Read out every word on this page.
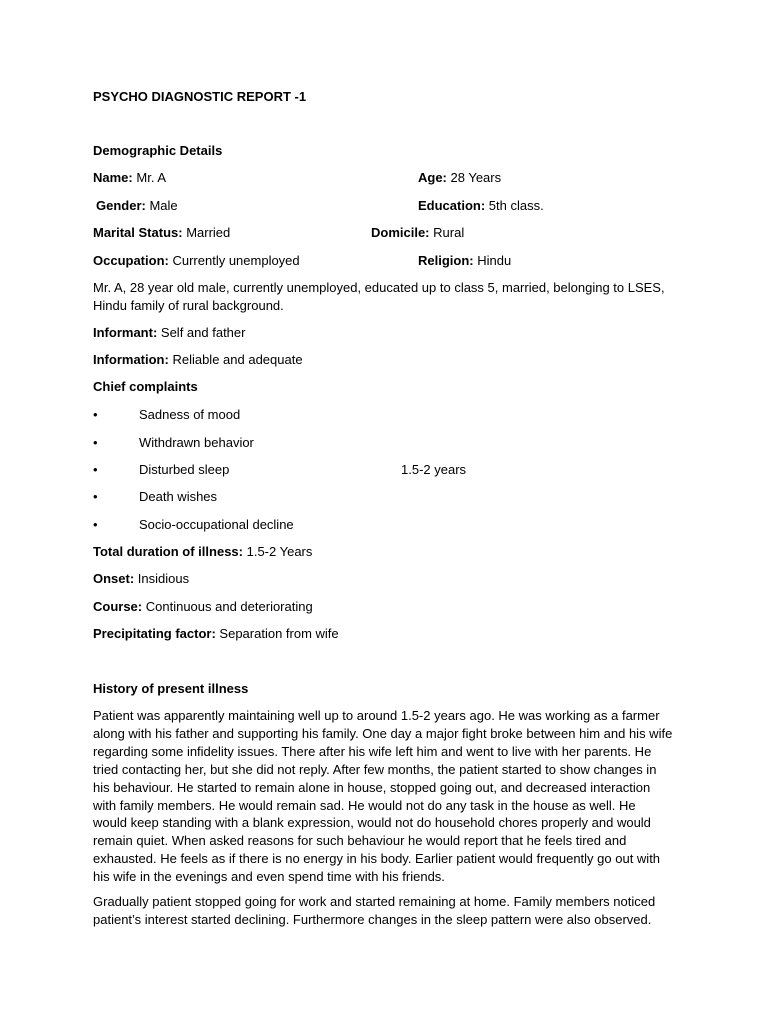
PSYCHO DIAGNOSTIC REPORT -1
Demographic Details
Name: Mr. A	Age: 28 Years
Gender: Male	Education: 5th class.
Marital Status: Married	Domicile: Rural
Occupation: Currently unemployed	Religion: Hindu
Mr. A, 28 year old male, currently unemployed, educated up to class 5, married, belonging to LSES, Hindu family of rural background.
Informant: Self and father
Information: Reliable and adequate
Chief complaints
•	Sadness of mood
•	Withdrawn behavior
•	Disturbed sleep	1.5-2 years
•	Death wishes
•	Socio-occupational decline
Total duration of illness: 1.5-2 Years
Onset: Insidious
Course: Continuous and deteriorating
Precipitating factor: Separation from wife
History of present illness
Patient was apparently maintaining well up to around 1.5-2 years ago. He was working as a farmer along with his father and supporting his family. One day a major fight broke between him and his wife regarding some infidelity issues. There after his wife left him and went to live with her parents. He tried contacting her, but she did not reply. After few months, the patient started to show changes in his behaviour. He started to remain alone in house, stopped going out, and decreased interaction with family members. He would remain sad. He would not do any task in the house as well. He would keep standing with a blank expression, would not do household chores properly and would remain quiet. When asked reasons for such behaviour he would report that he feels tired and exhausted. He feels as if there is no energy in his body. Earlier patient would frequently go out with his wife in the evenings and even spend time with his friends.
Gradually patient stopped going for work and started remaining at home. Family members noticed patient’s interest started declining. Furthermore changes in the sleep pattern were also observed.
